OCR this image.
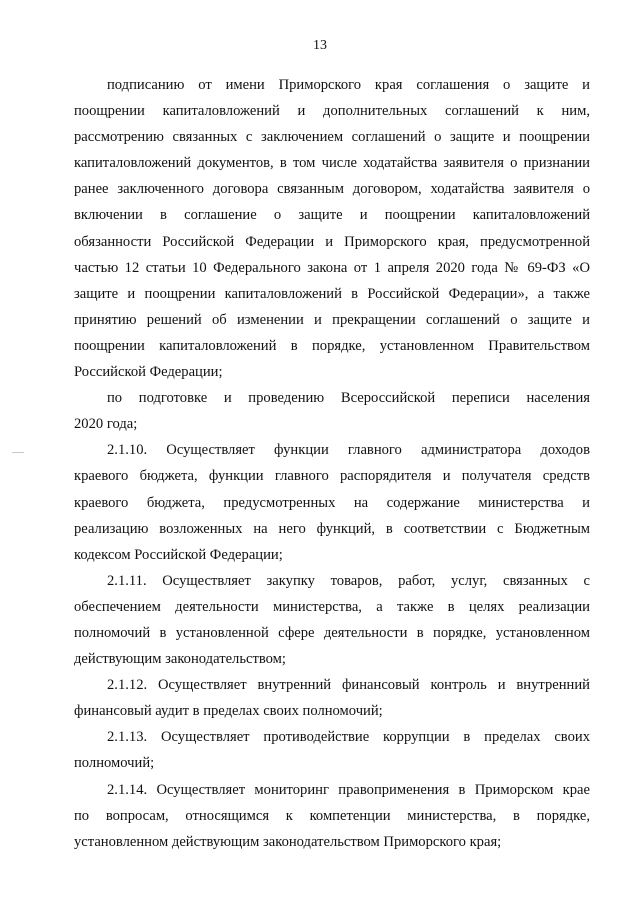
13

подписанию от имени Приморского края соглашения о защите и
поощрении капиталовложений и дополнительных соглашений к ним,
рассмотрению связанных с заключением соглашений о защите и поощрении
капиталовложений документов, в том числе ходатайства заявителя о признании
ранее заключенного договора связанным договором, ходатайства заявителя о
включении в соглашение о защите и поощрении капиталовложений
обязанности Российской Федерации и Приморского края, предусмотренной
частью 12 статьи 10 Федерального закона от 1 апреля 2020 года № 69-ФЗ «О
защите и поощрении капиталовложений в Российской Федерации», а также
принятию решений об изменении и прекращении соглашений о защите и
поощрении капиталовложений в порядке, установленном Правительством
Российской Федерации;

по подготовке и проведению Всероссийской переписи населения
2020 года;

2.1.10. Осуществляет функции главного администратора доходов
краевого бюджета, функции главного распорядителя и получателя средств
краевого бюджета, предусмотренных на содержание министерства и
реализацию возложенных на него функций, в соответствии с Бюджетным
кодексом Российской Федерации;

2.1.11. Осуществляет закупку товаров, работ, услуг, связанных с
обеспечением деятельности министерства, а также в целях реализации
полномочий в установленной сфере деятельности в порядке, установленном
действующим законодательством;

2.1.12. Осуществляет внутренний финансовый контроль и внутренний
финансовый аудит в пределах своих полномочий;

2.1.13. Осуществляет противодействие коррупции в пределах своих
полномочий;

2.1.14. Осуществляет мониторинг правоприменения в Приморском крае
по вопросам, относящимся к компетенции министерства, в порядке,
установленном действующим законодательством Приморского края;
